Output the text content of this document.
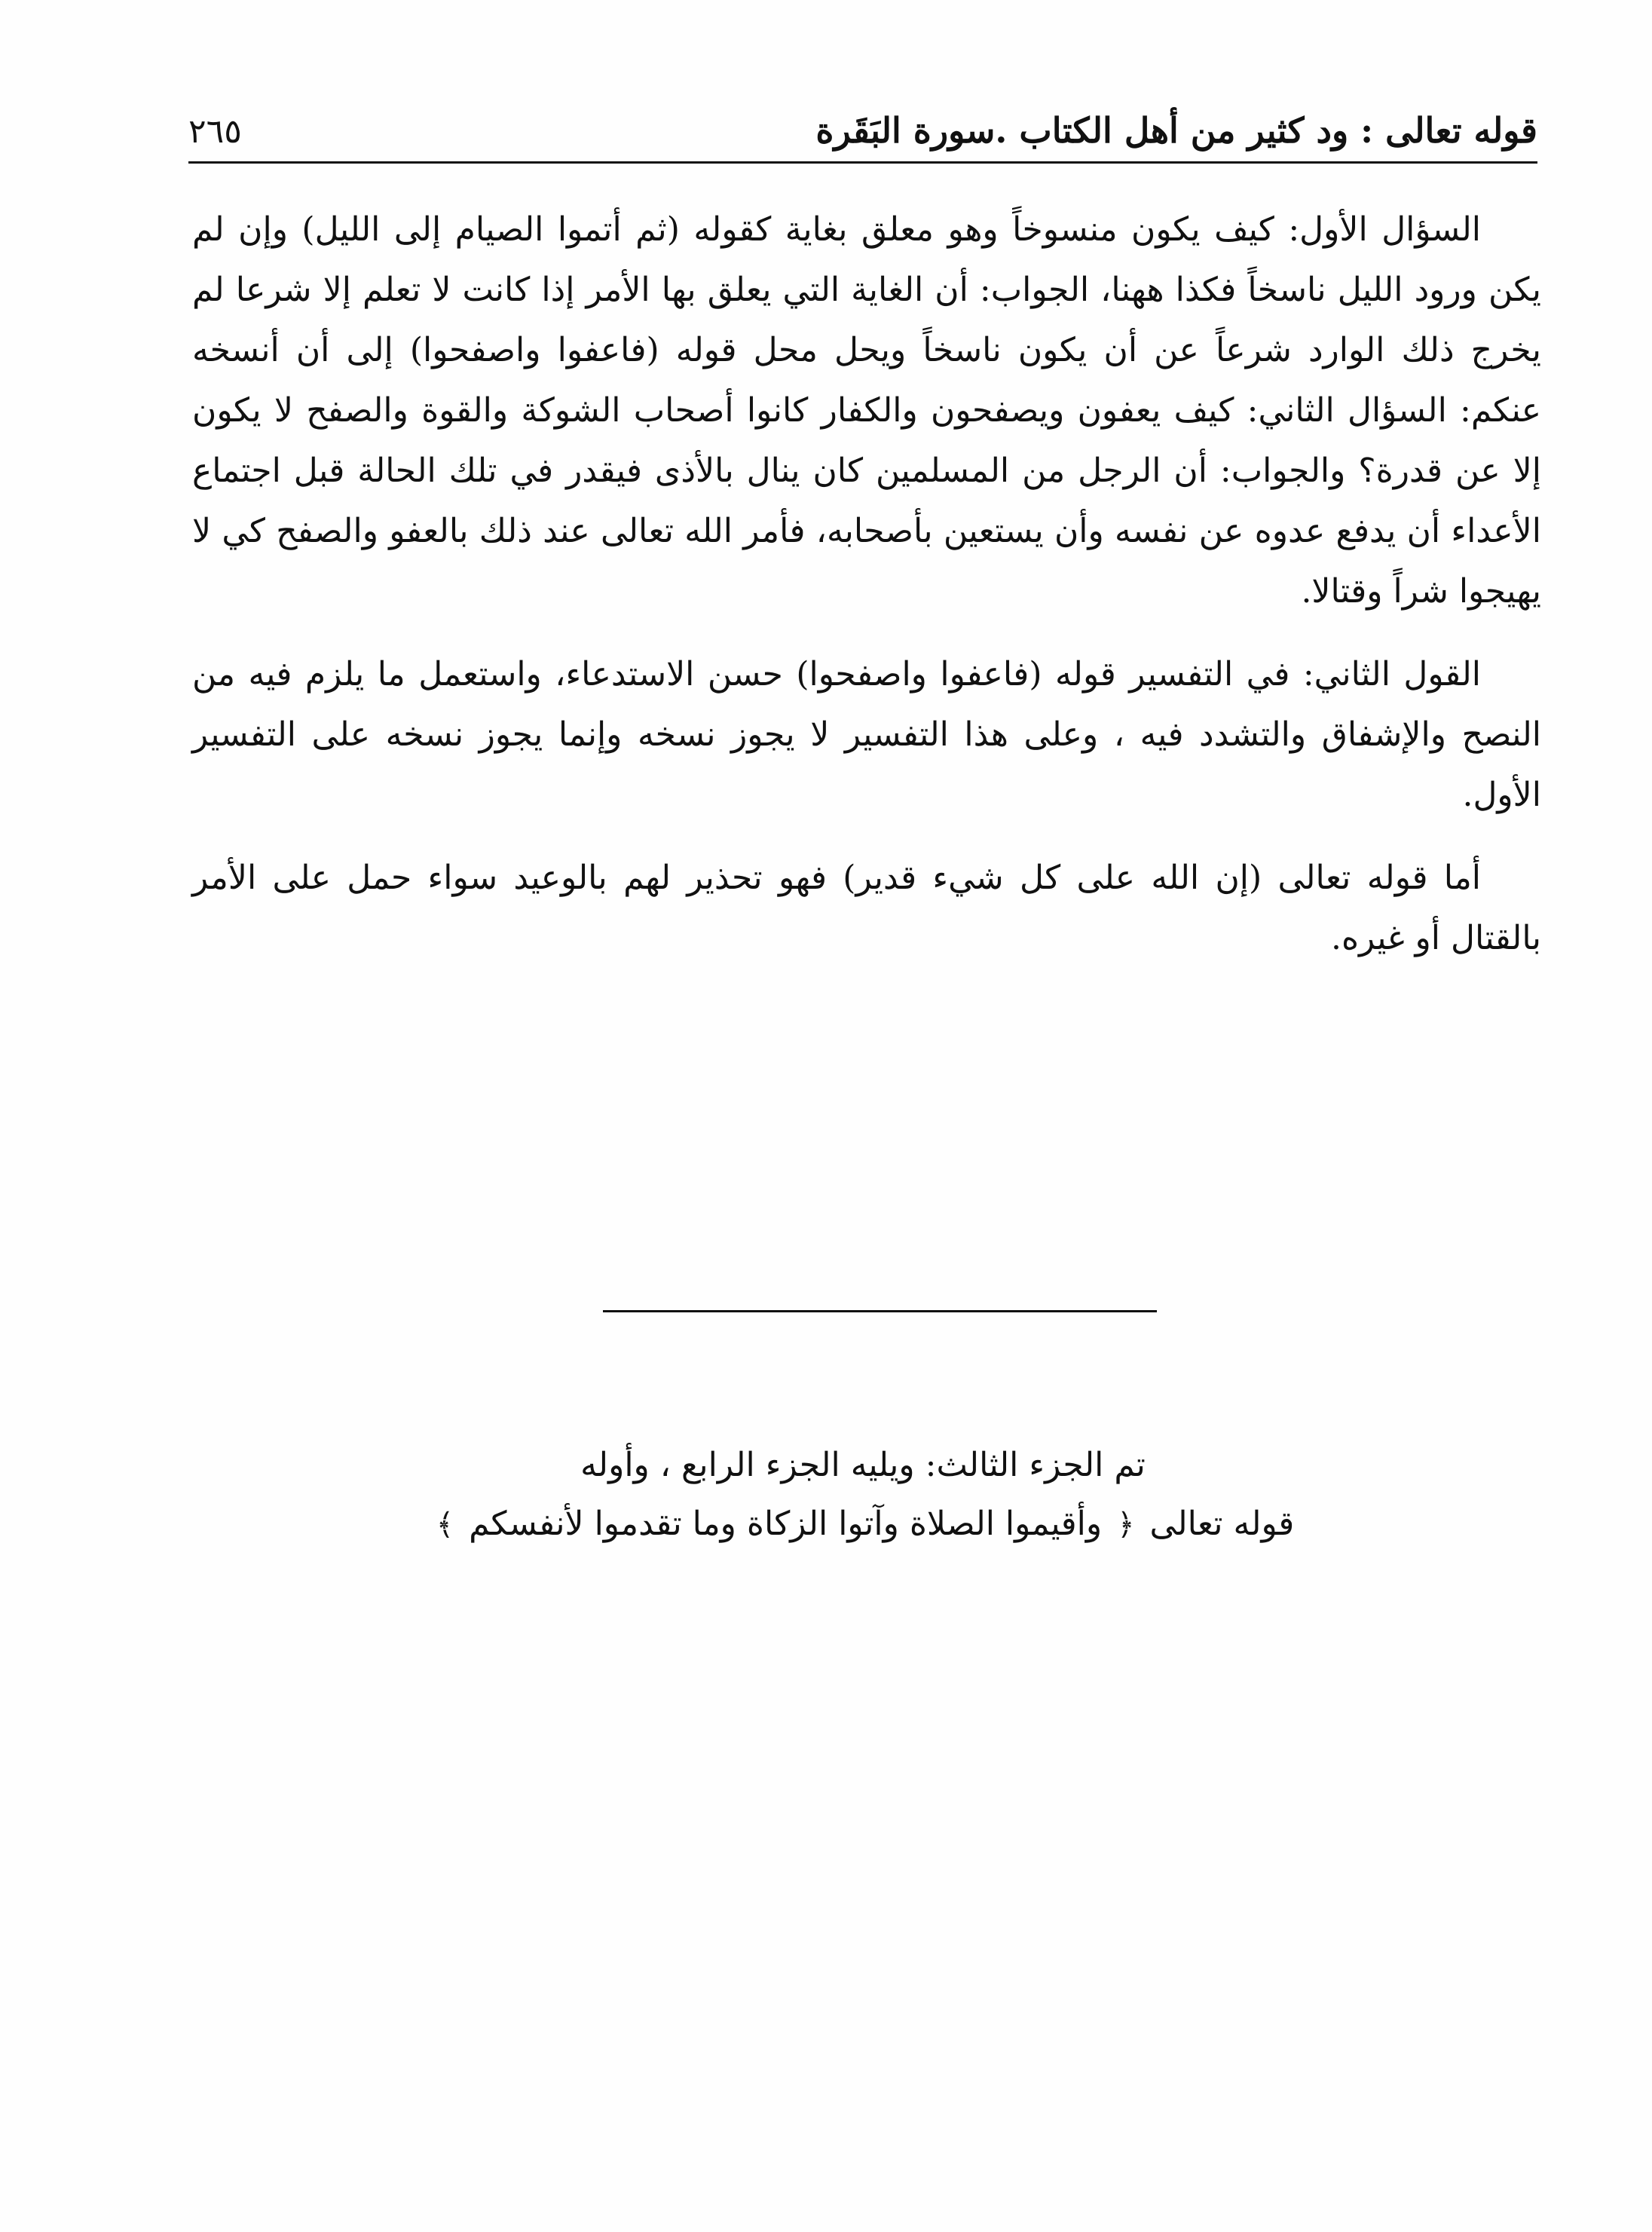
قوله تعالى : ود كثير من أهل الكتاب .سورة البَقَرة
٢٦٥

السؤال الأول: كيف يكون منسوخاً وهو معلق بغاية كقوله (ثم أتموا الصيام إلى الليل) وإن لم يكن ورود الليل ناسخاً فكذا ههنا، الجواب: أن الغاية التي يعلق بها الأمر إذا كانت لا تعلم إلا شرعا لم يخرج ذلك الوارد شرعاً عن أن يكون ناسخاً ويحل محل قوله (فاعفوا واصفحوا) إلى أن أنسخه عنكم: السؤال الثاني: كيف يعفون ويصفحون والكفار كانوا أصحاب الشوكة والقوة والصفح لا يكون إلا عن قدرة؟ والجواب: أن الرجل من المسلمين كان ينال بالأذى فيقدر في تلك الحالة قبل اجتماع الأعداء أن يدفع عدوه عن نفسه وأن يستعين بأصحابه، فأمر الله تعالى عند ذلك بالعفو والصفح كي لا يهيجوا شراً وقتالا.

القول الثاني: في التفسير قوله (فاعفوا واصفحوا) حسن الاستدعاء، واستعمل ما يلزم فيه من النصح والإشفاق والتشدد فيه ، وعلى هذا التفسير لا يجوز نسخه وإنما يجوز نسخه على التفسير الأول.

أما قوله تعالى (إن الله على كل شيء قدير) فهو تحذير لهم بالوعيد سواء حمل على الأمر بالقتال أو غيره.

تم الجزء الثالث: ويليه الجزء الرابع ، وأوله
قوله تعالى ﴿ وأقيموا الصلاة وآتوا الزكاة وما تقدموا لأنفسكم ﴾
